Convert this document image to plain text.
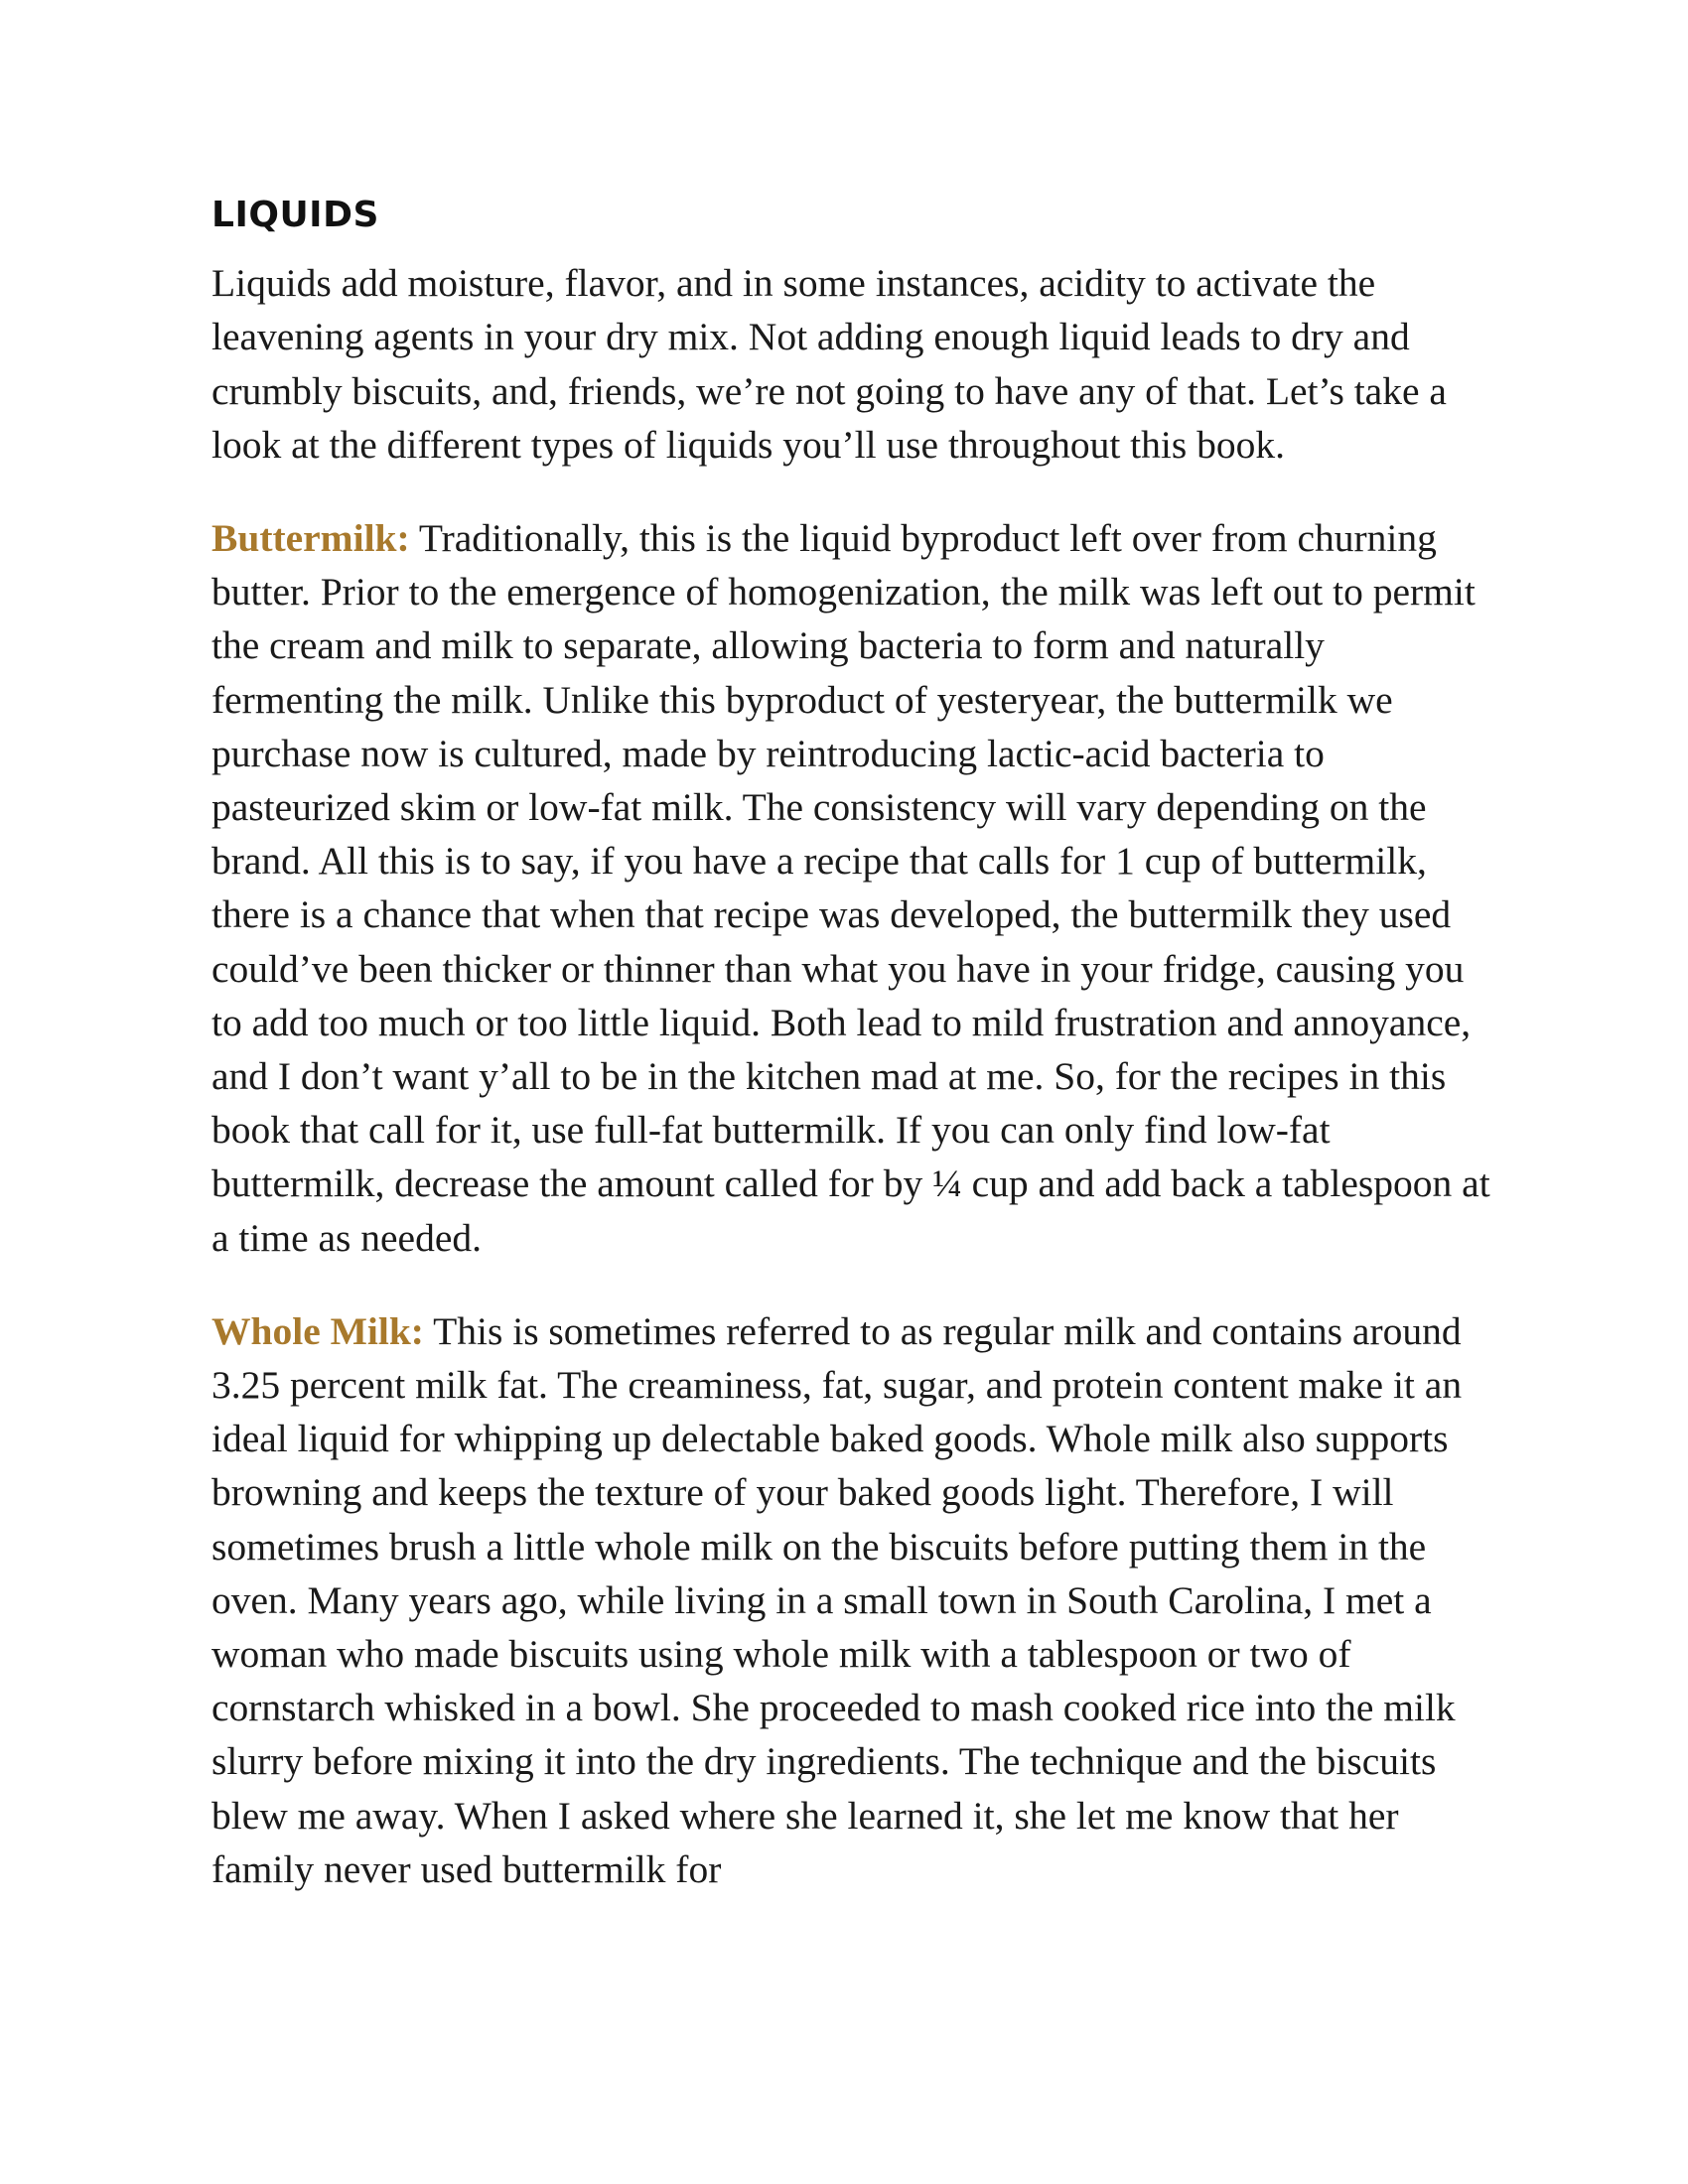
LIQUIDS

Liquids add moisture, flavor, and in some instances, acidity to activate the leavening agents in your dry mix. Not adding enough liquid leads to dry and crumbly biscuits, and, friends, we’re not going to have any of that. Let’s take a look at the different types of liquids you’ll use throughout this book.

Buttermilk: Traditionally, this is the liquid byproduct left over from churning butter. Prior to the emergence of homogenization, the milk was left out to permit the cream and milk to separate, allowing bacteria to form and naturally fermenting the milk. Unlike this byproduct of yesteryear, the buttermilk we purchase now is cultured, made by reintroducing lactic-acid bacteria to pasteurized skim or low-fat milk. The consistency will vary depending on the brand. All this is to say, if you have a recipe that calls for 1 cup of buttermilk, there is a chance that when that recipe was developed, the buttermilk they used could’ve been thicker or thinner than what you have in your fridge, causing you to add too much or too little liquid. Both lead to mild frustration and annoyance, and I don’t want y’all to be in the kitchen mad at me. So, for the recipes in this book that call for it, use full-fat buttermilk. If you can only find low-fat buttermilk, decrease the amount called for by ¼ cup and add back a tablespoon at a time as needed.

Whole Milk: This is sometimes referred to as regular milk and contains around 3.25 percent milk fat. The creaminess, fat, sugar, and protein content make it an ideal liquid for whipping up delectable baked goods. Whole milk also supports browning and keeps the texture of your baked goods light. Therefore, I will sometimes brush a little whole milk on the biscuits before putting them in the oven. Many years ago, while living in a small town in South Carolina, I met a woman who made biscuits using whole milk with a tablespoon or two of cornstarch whisked in a bowl. She proceeded to mash cooked rice into the milk slurry before mixing it into the dry ingredients. The technique and the biscuits blew me away. When I asked where she learned it, she let me know that her family never used buttermilk for
